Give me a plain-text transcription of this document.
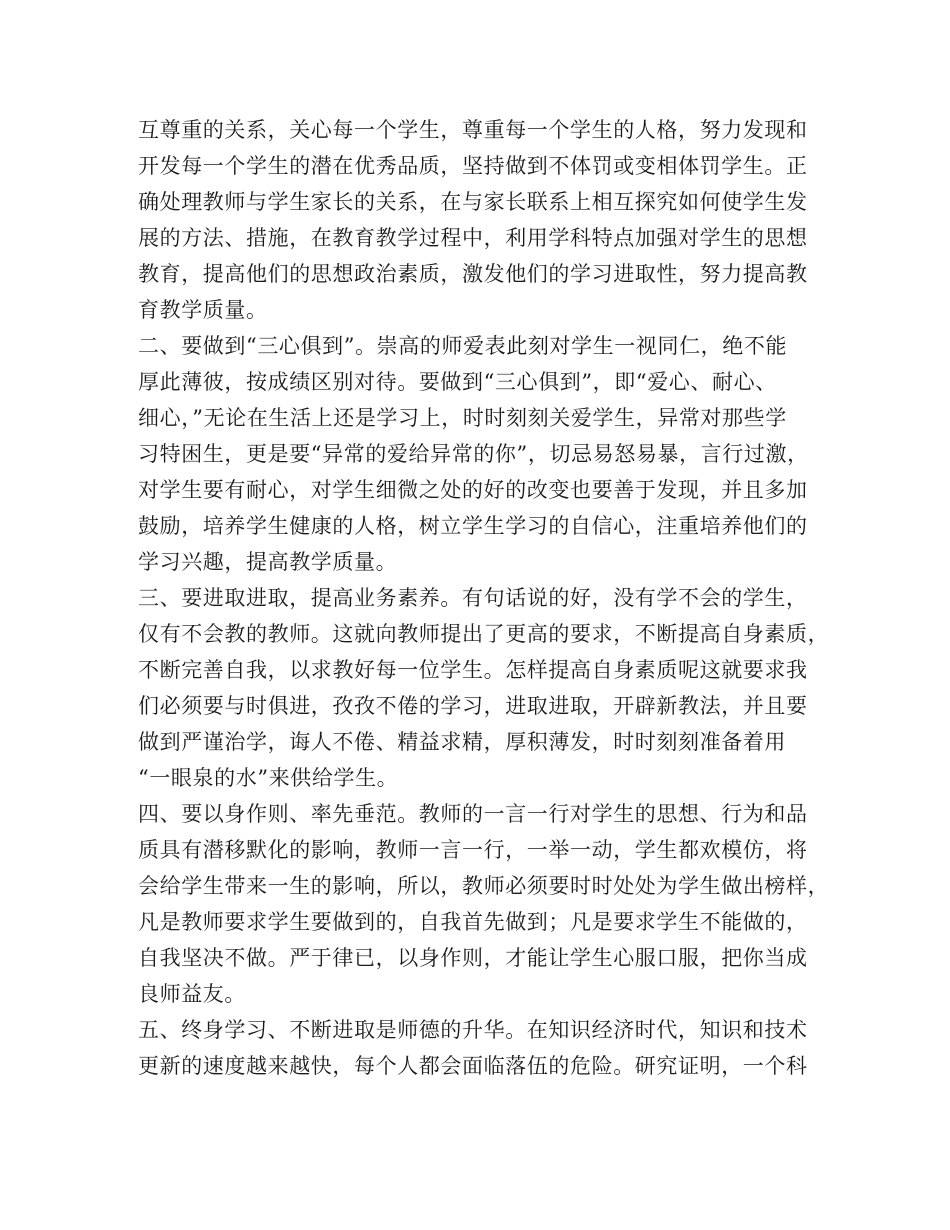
互尊重的关系，关心每一个学生，尊重每一个学生的人格，努力发现和
开发每一个学生的潜在优秀品质，坚持做到不体罚或变相体罚学生。正
确处理教师与学生家长的关系，在与家长联系上相互探究如何使学生发
展的方法、措施，在教育教学过程中，利用学科特点加强对学生的思想
教育，提高他们的思想政治素质，激发他们的学习进取性，努力提高教
育教学质量。
二、要做到“三心俱到”。崇高的师爱表此刻对学生一视同仁，绝不能
厚此薄彼，按成绩区别对待。要做到“三心俱到”，即“爱心、耐心、
细心，”无论在生活上还是学习上，时时刻刻关爱学生，异常对那些学
习特困生，更是要“异常的爱给异常的你”，切忌易怒易暴，言行过激，
对学生要有耐心，对学生细微之处的好的改变也要善于发现，并且多加
鼓励，培养学生健康的人格，树立学生学习的自信心，注重培养他们的
学习兴趣，提高教学质量。
三、要进取进取，提高业务素养。有句话说的好，没有学不会的学生，
仅有不会教的教师。这就向教师提出了更高的要求，不断提高自身素质，
不断完善自我，以求教好每一位学生。怎样提高自身素质呢这就要求我
们必须要与时俱进，孜孜不倦的学习，进取进取，开辟新教法，并且要
做到严谨治学，诲人不倦、精益求精，厚积薄发，时时刻刻准备着用
“一眼泉的水”来供给学生。
四、要以身作则、率先垂范。教师的一言一行对学生的思想、行为和品
质具有潜移默化的影响，教师一言一行，一举一动，学生都欢模仿，将
会给学生带来一生的影响，所以，教师必须要时时处处为学生做出榜样，
凡是教师要求学生要做到的，自我首先做到；凡是要求学生不能做的，
自我坚决不做。严于律已，以身作则，才能让学生心服口服，把你当成
良师益友。
五、终身学习、不断进取是师德的升华。在知识经济时代，知识和技术
更新的速度越来越快，每个人都会面临落伍的危险。研究证明，一个科
